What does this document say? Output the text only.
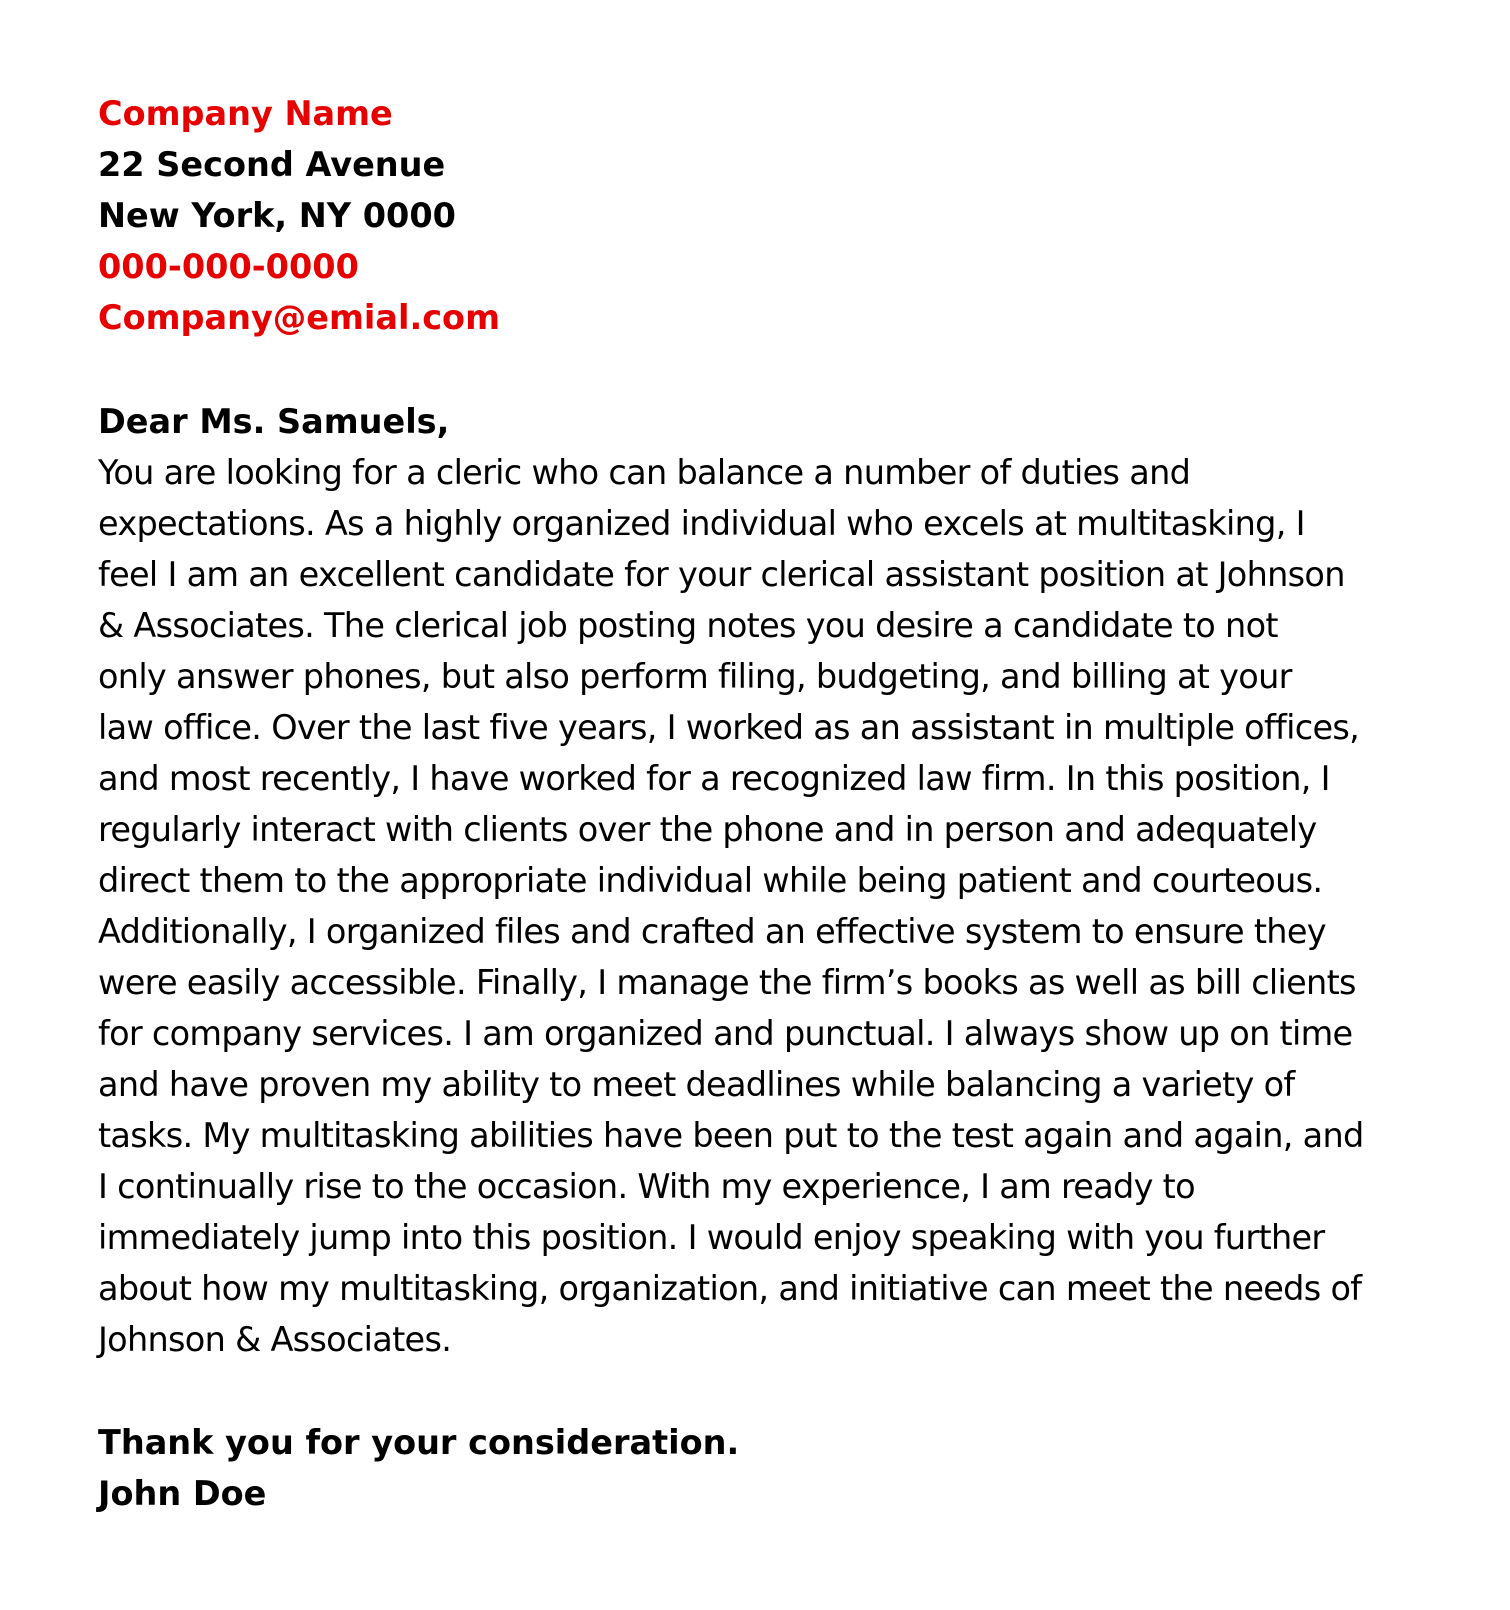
Company Name
22 Second Avenue
New York, NY 0000
000-000-0000
Company@emial.com
Dear Ms. Samuels,
You are looking for a cleric who can balance a number of duties and
expectations. As a highly organized individual who excels at multitasking, I
feel I am an excellent candidate for your clerical assistant position at Johnson
& Associates. The clerical job posting notes you desire a candidate to not
only answer phones, but also perform filing, budgeting, and billing at your
law office. Over the last five years, I worked as an assistant in multiple offices,
and most recently, I have worked for a recognized law firm. In this position, I
regularly interact with clients over the phone and in person and adequately
direct them to the appropriate individual while being patient and courteous.
Additionally, I organized files and crafted an effective system to ensure they
were easily accessible. Finally, I manage the firm’s books as well as bill clients
for company services. I am organized and punctual. I always show up on time
and have proven my ability to meet deadlines while balancing a variety of
tasks. My multitasking abilities have been put to the test again and again, and
I continually rise to the occasion. With my experience, I am ready to
immediately jump into this position. I would enjoy speaking with you further
about how my multitasking, organization, and initiative can meet the needs of
Johnson & Associates.
Thank you for your consideration.
John Doe
